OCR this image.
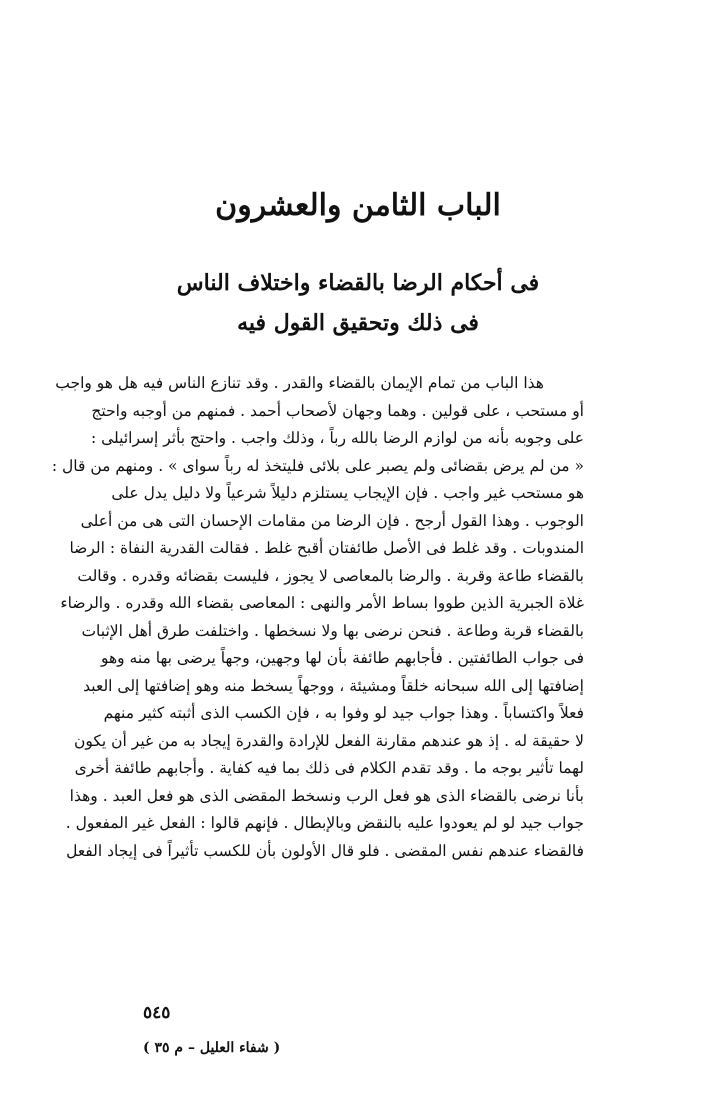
الباب الثامن والعشرون
فى أحكام الرضا بالقضاء واختلاف الناس
فى ذلك وتحقيق القول فيه
هذا الباب من تمام الإيمان بالقضاء والقدر . وقد تنازع الناس فيه هل هو واجب
أو مستحب ، على قولين . وهما وجهان لأصحاب أحمد . فمنهم من أوجبه واحتج
على وجوبه بأنه من لوازم الرضا بالله رباً ، وذلك واجب . واحتج بأثر إسرائيلى :
« من لم يرض بقضائى ولم يصبر على بلائى فليتخذ له رباً سواى » . ومنهم من قال :
هو مستحب غير واجب . فإن الإيجاب يستلزم دليلاً شرعياً ولا دليل يدل على
الوجوب . وهذا القول أرجح . فإن الرضا من مقامات الإحسان التى هى من أعلى
المندوبات . وقد غلط فى الأصل طائفتان أقبح غلط . فقالت القدرية النفاة : الرضا
بالقضاء طاعة وقربة . والرضا بالمعاصى لا يجوز ، فليست بقضائه وقدره . وقالت
غلاة الجبرية الذين طووا بساط الأمر والنهى : المعاصى بقضاء الله وقدره . والرضاء
بالقضاء قربة وطاعة . فنحن نرضى بها ولا نسخطها . واختلفت طرق أهل الإثبات
فى جواب الطائفتين . فأجابهم طائفة بأن لها وجهين، وجهاً يرضى بها منه وهو
إضافتها إلى الله سبحانه خلقاً ومشيئة ، ووجهاً يسخط منه وهو إضافتها إلى العبد
فعلاً واكتساباً . وهذا جواب جيد لو وفوا به ، فإن الكسب الذى أثبته كثير منهم
لا حقيقة له . إذ هو عندهم مقارنة الفعل للإرادة والقدرة إيجاد به من غير أن يكون
لهما تأثير بوجه ما . وقد تقدم الكلام فى ذلك بما فيه كفاية . وأجابهم طائفة أخرى
بأنا نرضى بالقضاء الذى هو فعل الرب ونسخط المقضى الذى هو فعل العبد . وهذا
جواب جيد لو لم يعودوا عليه بالنقض وبالإبطال . فإنهم قالوا : الفعل غير المفعول .
فالقضاء عندهم نفس المقضى . فلو قال الأولون بأن للكسب تأثيراً فى إيجاد الفعل
٥٤٥
( شفاء العليل – م ٣٥ )
